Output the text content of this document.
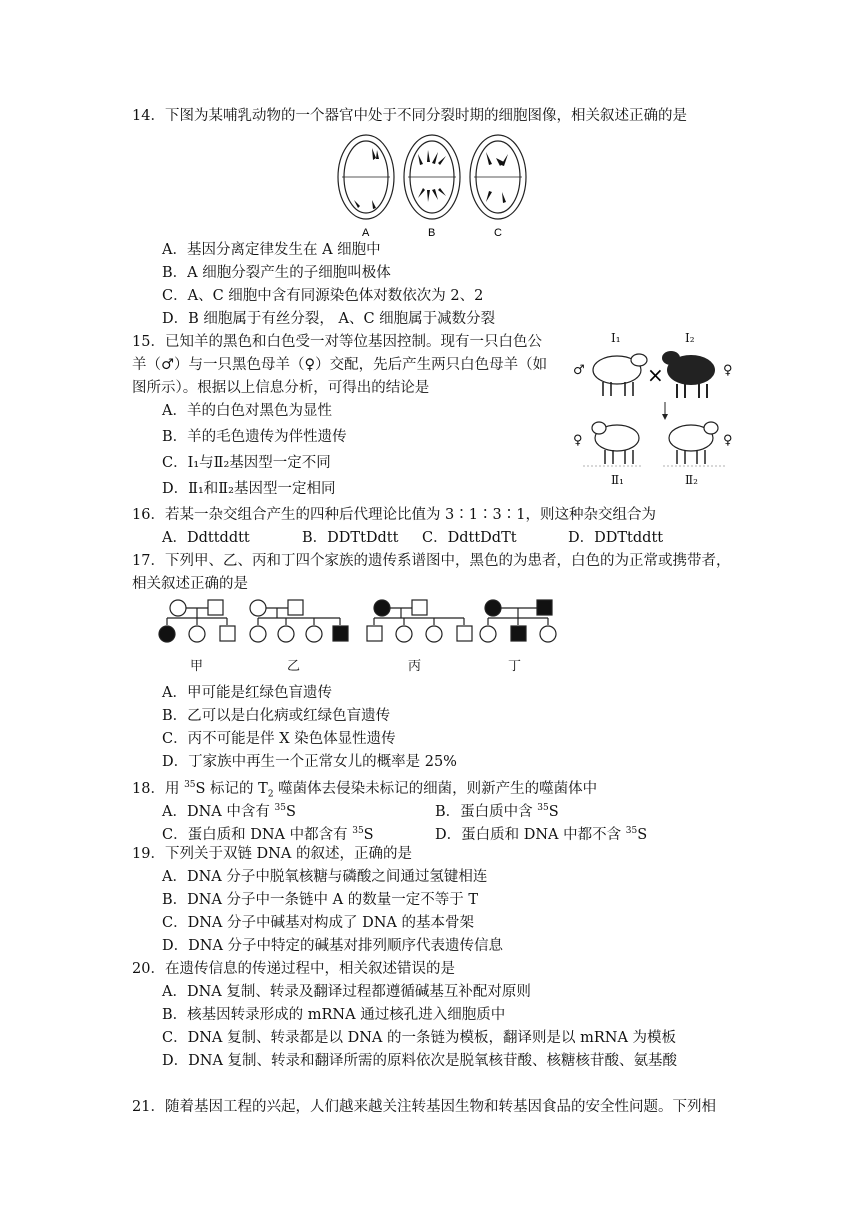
14．下图为某哺乳动物的一个器官中处于不同分裂时期的细胞图像，相关叙述正确的是
A	B	C
A．基因分离定律发生在 A 细胞中
B．A 细胞分裂产生的子细胞叫极体
C．A、C 细胞中含有同源染色体对数依次为 2、2
D．B 细胞属于有丝分裂， A、C 细胞属于减数分裂
15．已知羊的黑色和白色受一对等位基因控制。现有一只白色公
羊（♂）与一只黑色母羊（♀）交配，先后产生两只白色母羊（如
图所示）。根据以上信息分析，可得出的结论是
A．羊的白色对黑色为显性
B．羊的毛色遗传为伴性遗传
C．Ⅰ₁与Ⅱ₂基因型一定不同
D．Ⅱ₁和Ⅱ₂基因型一定相同
×
Ⅰ₁	Ⅰ₂
Ⅱ₁	Ⅱ₂
♂	♀
♀	♀
16．若某一杂交组合产生的四种后代理论比值为 3∶1∶3∶1，则这种杂交组合为
A．Ddttddtt	B．DDTtDdtt C．DdttDdTt	D．DDTtddtt
17．下列甲、乙、丙和丁四个家族的遗传系谱图中，黑色的为患者，白色的为正常或携带者，
相关叙述正确的是
甲	乙	丙	丁
A．甲可能是红绿色盲遗传
B．乙可以是白化病或红绿色盲遗传
C．丙不可能是伴 X 染色体显性遗传
D．丁家族中再生一个正常女儿的概率是 25%
18．用 $^{35}$S 标记的 $T_2$ 噬菌体去侵染未标记的细菌，则新产生的噬菌体中
A．DNA 中含有 $^{35}$S	B．蛋白质中含 $^{35}$S
C．蛋白质和 DNA 中都含有 $^{35}$S	D．蛋白质和 DNA 中都不含 $^{35}$S
19．下列关于双链 DNA 的叙述，正确的是
A．DNA 分子中脱氧核糖与磷酸之间通过氢键相连
B．DNA 分子中一条链中 A 的数量一定不等于 T
C．DNA 分子中碱基对构成了 DNA 的基本骨架
D．DNA 分子中特定的碱基对排列顺序代表遗传信息
20．在遗传信息的传递过程中，相关叙述错误的是
A．DNA 复制、转录及翻译过程都遵循碱基互补配对原则
B．核基因转录形成的 mRNA 通过核孔进入细胞质中
C．DNA 复制、转录都是以 DNA 的一条链为模板，翻译则是以 mRNA 为模板
D．DNA 复制、转录和翻译所需的原料依次是脱氧核苷酸、核糖核苷酸、氨基酸
21．随着基因工程的兴起，人们越来越关注转基因生物和转基因食品的安全性问题。下列相
